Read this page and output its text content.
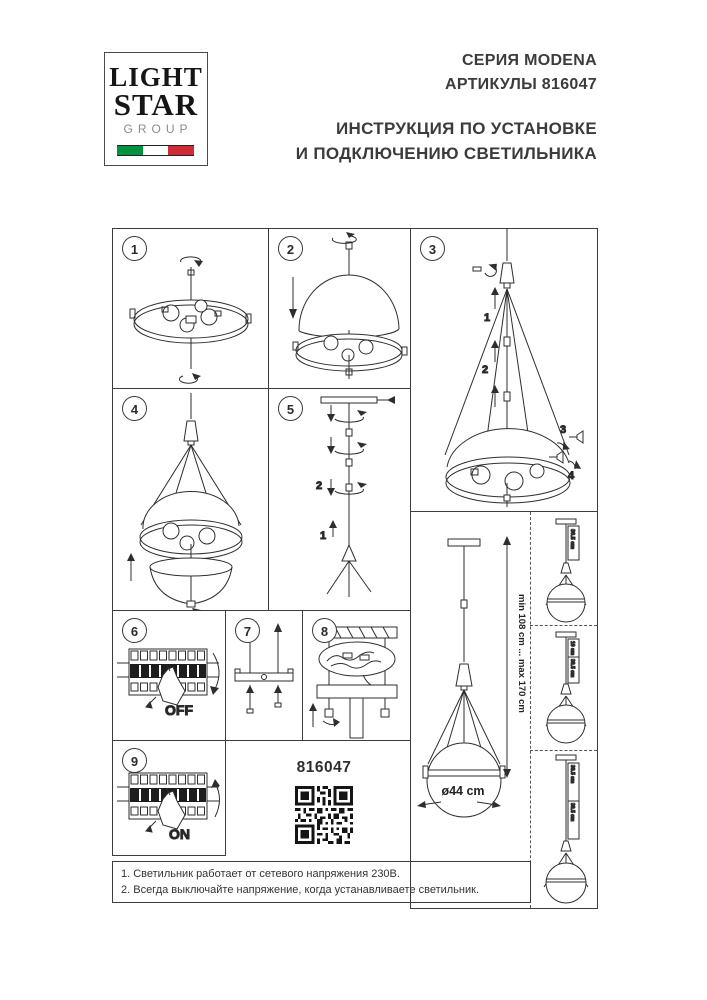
LIGHT
STAR
GROUP
СЕРИЯ MODENA
АРТИКУЛЫ 816047
ИНСТРУКЦИЯ ПО УСТАНОВКЕ
И ПОДКЛЮЧЕНИЮ СВЕТИЛЬНИКА
1	2	3
1
2
3
4
4	5
2
1
6
OFF
7	8
9
ON
30.5 cm
10 cm
30.5 cm
30.5 cm
30.5 cm
min 108 cm ... max 170 cm
ø44 cm
816047
1. Светильник работает от сетевого напряжения 230В.
2. Всегда выключайте напряжение, когда устанавливаете светильник.
